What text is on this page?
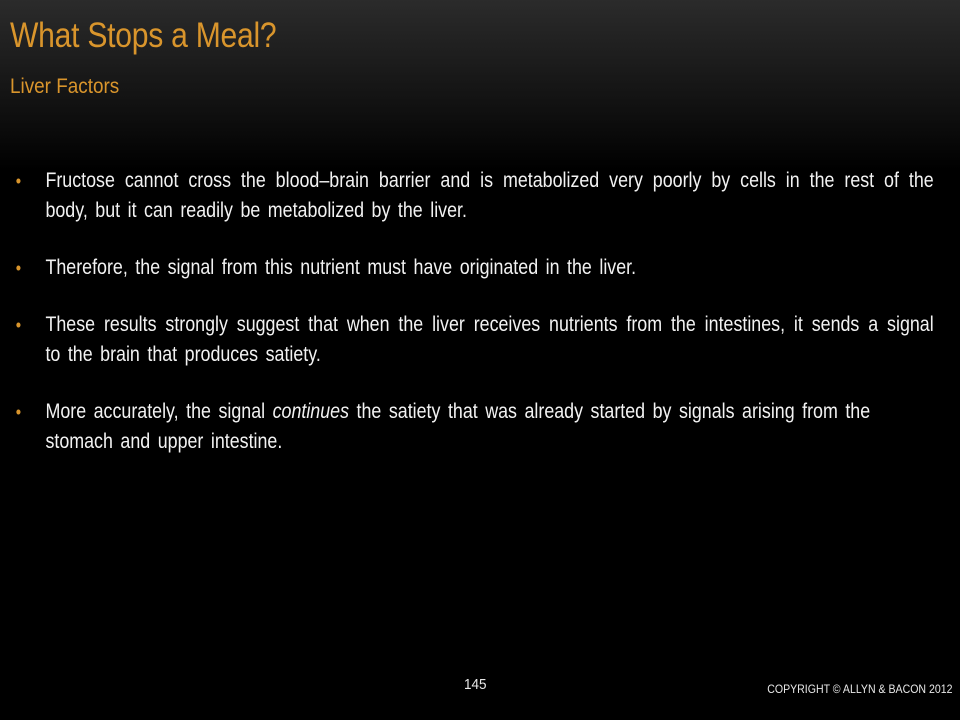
What Stops a Meal?
Liver Factors
• Fructose cannot cross the blood–brain barrier and is metabolized very poorly by cells in the rest of the body, but it can readily be metabolized by the liver.
• Therefore, the signal from this nutrient must have originated in the liver.
• These results strongly suggest that when the liver receives nutrients from the intestines, it sends a signal to the brain that produces satiety.
• More accurately, the signal continues the satiety that was already started by signals arising from the stomach and upper intestine.
145	COPYRIGHT © ALLYN & BACON 2012
